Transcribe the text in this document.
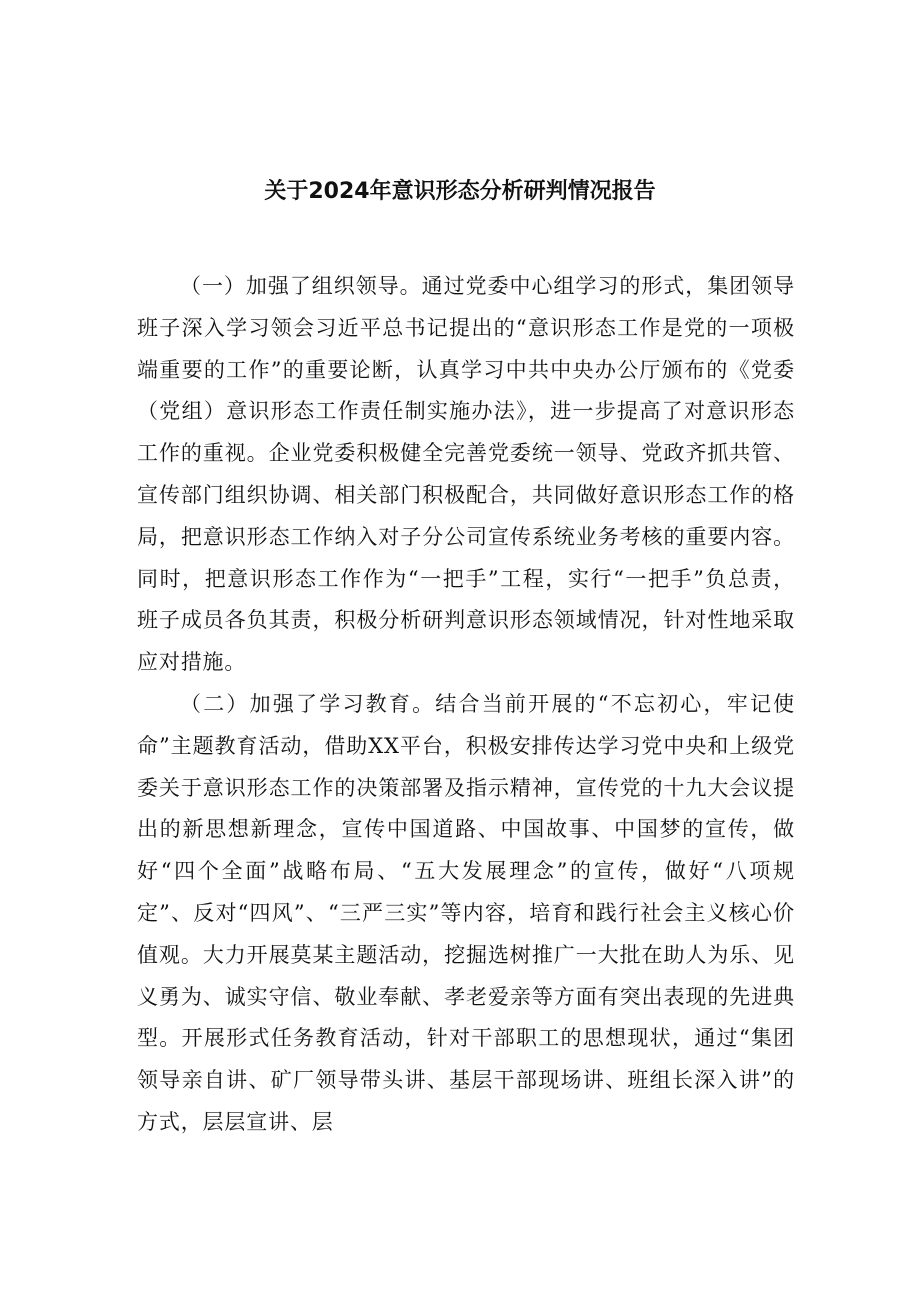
关于2024年意识形态分析研判情况报告

（一）加强了组织领导。通过党委中心组学习的形式，集团领导班子深入学习领会习近平总书记提出的“意识形态工作是党的一项极端重要的工作”的重要论断，认真学习中共中央办公厅颁布的《党委（党组）意识形态工作责任制实施办法》，进一步提高了对意识形态工作的重视。企业党委积极健全完善党委统一领导、党政齐抓共管、宣传部门组织协调、相关部门积极配合，共同做好意识形态工作的格局，把意识形态工作纳入对子分公司宣传系统业务考核的重要内容。同时，把意识形态工作作为“一把手”工程，实行“一把手”负总责，班子成员各负其责，积极分析研判意识形态领域情况，针对性地采取应对措施。

（二）加强了学习教育。结合当前开展的“不忘初心，牢记使命”主题教育活动，借助XX平台，积极安排传达学习党中央和上级党委关于意识形态工作的决策部署及指示精神，宣传党的十九大会议提出的新思想新理念，宣传中国道路、中国故事、中国梦的宣传，做好“四个全面”战略布局、“五大发展理念”的宣传，做好“八项规定”、反对“四风”、“三严三实”等内容，培育和践行社会主义核心价值观。大力开展莫某主题活动，挖掘选树推广一大批在助人为乐、见义勇为、诚实守信、敬业奉献、孝老爱亲等方面有突出表现的先进典型。开展形式任务教育活动，针对干部职工的思想现状，通过“集团领导亲自讲、矿厂领导带头讲、基层干部现场讲、班组长深入讲”的方式，层层宣讲、层
